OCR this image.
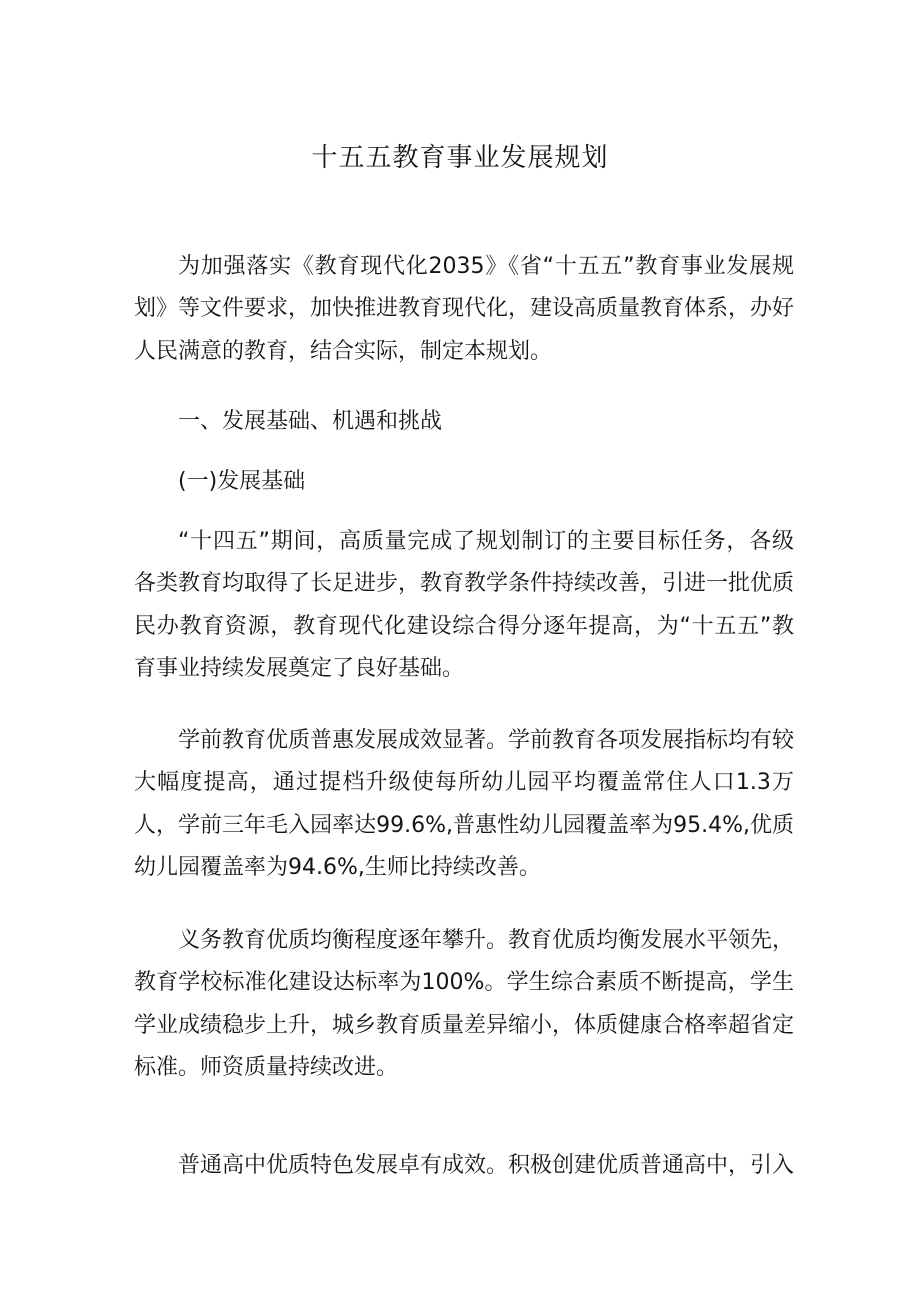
十五五教育事业发展规划

为加强落实《教育现代化2035》《省“十五五”教育事业发展规划》等文件要求，加快推进教育现代化，建设高质量教育体系，办好人民满意的教育，结合实际，制定本规划。

一、发展基础、机遇和挑战

(一)发展基础

“十四五”期间，高质量完成了规划制订的主要目标任务，各级各类教育均取得了长足进步，教育教学条件持续改善，引进一批优质民办教育资源，教育现代化建设综合得分逐年提高，为“十五五”教育事业持续发展奠定了良好基础。

学前教育优质普惠发展成效显著。学前教育各项发展指标均有较大幅度提高，通过提档升级使每所幼儿园平均覆盖常住人口1.3万人，学前三年毛入园率达99.6%,普惠性幼儿园覆盖率为95.4%,优质幼儿园覆盖率为94.6%,生师比持续改善。

义务教育优质均衡程度逐年攀升。教育优质均衡发展水平领先，教育学校标准化建设达标率为100%。学生综合素质不断提高，学生学业成绩稳步上升，城乡教育质量差异缩小，体质健康合格率超省定标准。师资质量持续改进。

普通高中优质特色发展卓有成效。积极创建优质普通高中，引入
